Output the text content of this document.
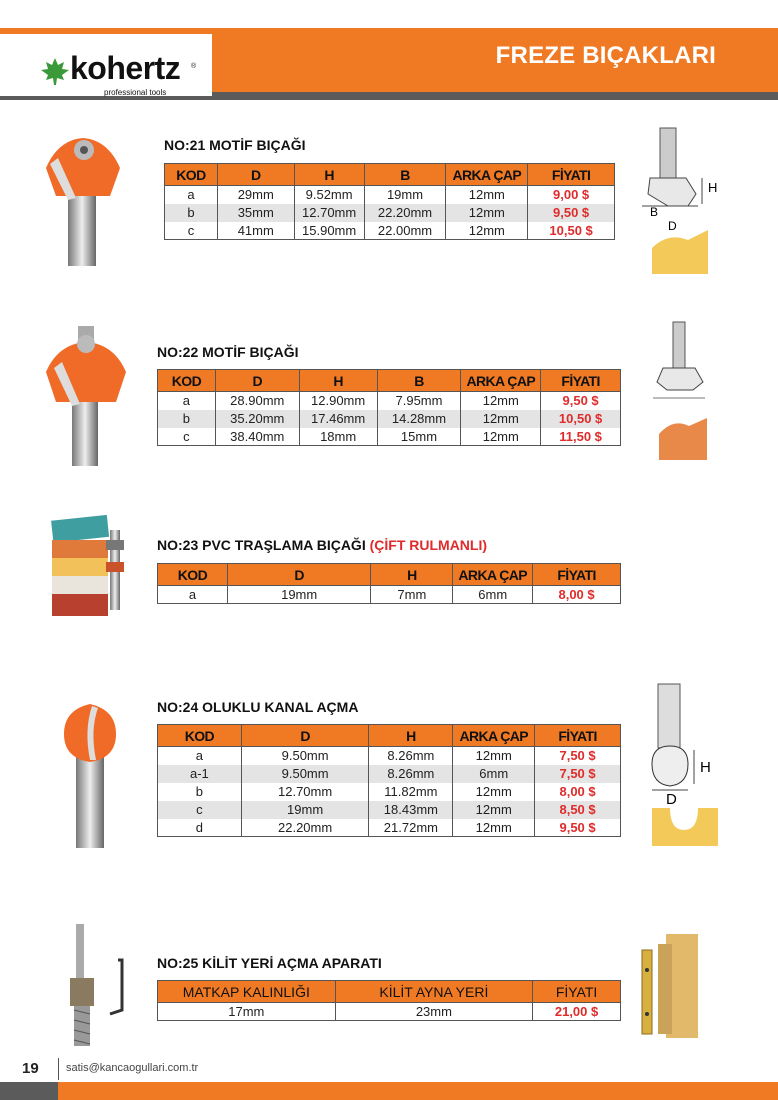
FREZE BIÇAKLARI
kohertz ®
professional tools
NO:21 MOTİF BIÇAĞI
KOD	D	H	B	ARKA ÇAP	FİYATI
a	29mm	9.52mm	19mm	12mm	9,00 $
b	35mm	12.70mm	22.20mm	12mm	9,50 $
c	41mm	15.90mm	22.00mm	12mm	10,50 $
H
B
D
NO:22 MOTİF BIÇAĞI
KOD	D	H	B	ARKA ÇAP	FİYATI
a	28.90mm	12.90mm	7.95mm	12mm	9,50 $
b	35.20mm	17.46mm	14.28mm	12mm	10,50 $
c	38.40mm	18mm	15mm	12mm	11,50 $
NO:23 PVC TRAŞLAMA BIÇAĞI (ÇİFT RULMANLI)
KOD	D	H	ARKA ÇAP	FİYATI
a	19mm	7mm	6mm	8,00 $
NO:24 OLUKLU KANAL AÇMA
KOD	D	H	ARKA ÇAP	FİYATI
a	9.50mm	8.26mm	12mm	7,50 $
a-1	9.50mm	8.26mm	6mm	7,50 $
b	12.70mm	11.82mm	12mm	8,00 $
c	19mm	18.43mm	12mm	8,50 $
d	22.20mm	21.72mm	12mm	9,50 $
H
D
NO:25 KİLİT YERİ AÇMA APARATI
MATKAP KALINLIĞI	KİLİT AYNA YERİ	FİYATI
17mm	23mm	21,00 $
19 satis@kancaogullari.com.tr
